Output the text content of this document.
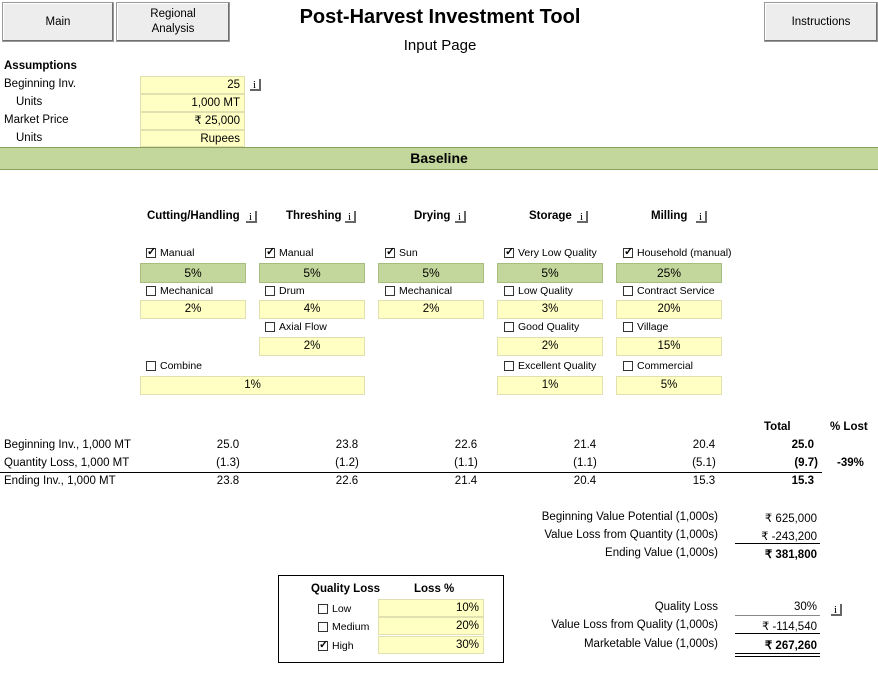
Main
Regional
Analysis
Instructions
Post-Harvest Investment Tool
Input Page
Assumptions
Beginning Inv.	25
i
Units	1,000 MT
Market Price	₹ 25,000
Units	Rupees
Baseline
Cutting/Handling i	Threshing i	Drying i	Storage i	Milling
i
✓
Manual
5%
Mechanical
2%
Combine
1%
✓
Manual
5%
Drum
4%
Axial Flow
2%
✓
Sun
5%
Mechanical
2%
✓
Very Low Quality
5%
Low Quality
3%
Good Quality
2%
Excellent Quality
1%
✓
Household (manual)
25%
Contract Service
20%
Village
15%
Commercial
5%
Total	% Lost
Beginning Inv., 1,000 MT	25.0	23.8	22.6	21.4	20.4	25.0
Quantity Loss, 1,000 MT	(1.3)	(1.2)	(1.1)	(1.1)	(5.1)	(9.7) -39%
Ending Inv., 1,000 MT	23.8	22.6	21.4	20.4	15.3	15.3
Beginning Value Potential (1,000s)	₹ 625,000
Value Loss from Quantity (1,000s)	₹ -243,200
Ending Value (1,000s)	₹ 381,800
Quality Loss	Loss %
Low	10%
Medium	20%
✓
High	30%
Quality Loss	30%
i
Value Loss from Quality (1,000s)	₹ -114,540
Marketable Value (1,000s)	₹ 267,260
